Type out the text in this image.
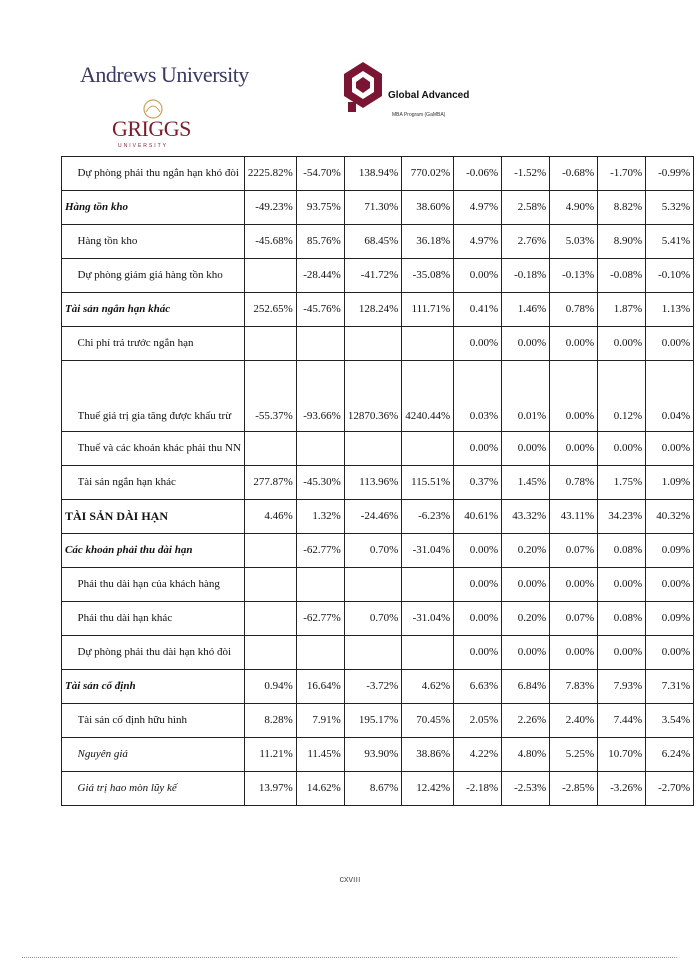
Andrews University
GRIGGS
UNIVERSITY
Global Advanced
MBA Program (GaMBA)
	Dự phòng phải thu ngắn hạn khó đòi	2225.82%	-54.70%	138.94%	770.02%	-0.06%	-1.52%	-0.68%	-1.70%	-0.99%
Hàng tồn kho		-49.23%	93.75%	71.30%	38.60%	4.97%	2.58%	4.90%	8.82%	5.32%
	Hàng tồn kho	-45.68%	85.76%	68.45%	36.18%	4.97%	2.76%	5.03%	8.90%	5.41%
	Dự phòng giảm giá hàng tồn kho		-28.44%	-41.72%	-35.08%	0.00%	-0.18%	-0.13%	-0.08%	-0.10%
Tài sản ngắn hạn khác		252.65%	-45.76%	128.24%	111.71%	0.41%	1.46%	0.78%	1.87%	1.13%
	Chi phí trả trước ngắn hạn					0.00%	0.00%	0.00%	0.00%	0.00%
	Thuế giá trị gia tăng được khấu trừ	-55.37%	-93.66%	12870.36%	4240.44%	0.03%	0.01%	0.00%	0.12%	0.04%
	Thuế và các khoản khác phải thu NN					0.00%	0.00%	0.00%	0.00%	0.00%
	Tài sản ngắn hạn khác	277.87%	-45.30%	113.96%	115.51%	0.37%	1.45%	0.78%	1.75%	1.09%
TÀI SẢN DÀI HẠN		4.46%	1.32%	-24.46%	-6.23%	40.61%	43.32%	43.11%	34.23%	40.32%
Các khoản phải thu dài hạn			-62.77%	0.70%	-31.04%	0.00%	0.20%	0.07%	0.08%	0.09%
	Phải thu dài hạn của khách hàng					0.00%	0.00%	0.00%	0.00%	0.00%
	Phải thu dài hạn khác		-62.77%	0.70%	-31.04%	0.00%	0.20%	0.07%	0.08%	0.09%
	Dự phòng phải thu dài hạn khó đòi					0.00%	0.00%	0.00%	0.00%	0.00%
Tài sản cố định		0.94%	16.64%	-3.72%	4.62%	6.63%	6.84%	7.83%	7.93%	7.31%
	Tài sản cố định hữu hình	8.28%	7.91%	195.17%	70.45%	2.05%	2.26%	2.40%	7.44%	3.54%
	Nguyên giá	11.21%	11.45%	93.90%	38.86%	4.22%	4.80%	5.25%	10.70%	6.24%
	Giá trị hao mòn lũy kế	13.97%	14.62%	8.67%	12.42%	-2.18%	-2.53%	-2.85%	-3.26%	-2.70%
cxvııı
